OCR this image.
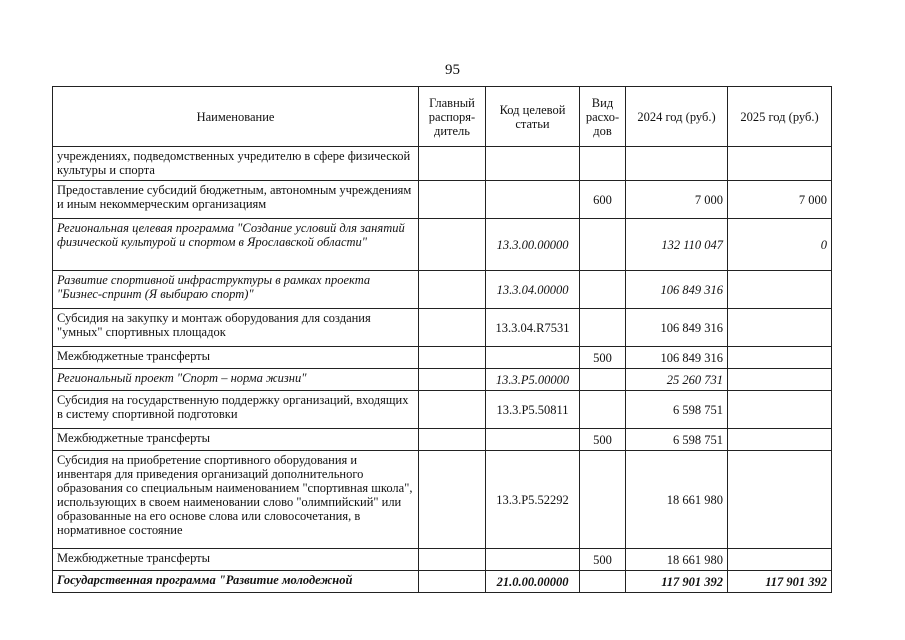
95
Наименование	Главный распоря-дитель	Код целевой статьи	Вид расхо-дов	2024 год (руб.)	2025 год (руб.)
учреждениях, подведомственных учредителю в сфере физической культуры и спорта					
Предоставление субсидий бюджетным, автономным учреждениям и иным некоммерческим организациям			600	7 000	7 000
Региональная целевая программа "Создание условий для занятий физической культурой и спортом в Ярославской области"		13.3.00.00000		132 110 047	0
Развитие спортивной инфраструктуры в рамках проекта "Бизнес-спринт (Я выбираю спорт)"		13.3.04.00000		106 849 316	
Субсидия на закупку и монтаж оборудования для создания "умных" спортивных площадок		13.3.04.R7531		106 849 316	
Межбюджетные трансферты			500	106 849 316	
Региональный проект "Спорт – норма жизни"		13.3.P5.00000		25 260 731	
Субсидия на государственную поддержку организаций, входящих в систему спортивной подготовки		13.3.P5.50811		6 598 751	
Межбюджетные трансферты			500	6 598 751	
Субсидия на приобретение спортивного оборудования и инвентаря для приведения организаций дополнительного образования со специальным наименованием "спортивная школа", использующих в своем наименовании слово "олимпийский" или образованные на его основе слова или словосочетания, в нормативное состояние		13.3.P5.52292		18 661 980	
Межбюджетные трансферты			500	18 661 980	
Государственная программа "Развитие молодежной		21.0.00.00000		117 901 392	117 901 392
